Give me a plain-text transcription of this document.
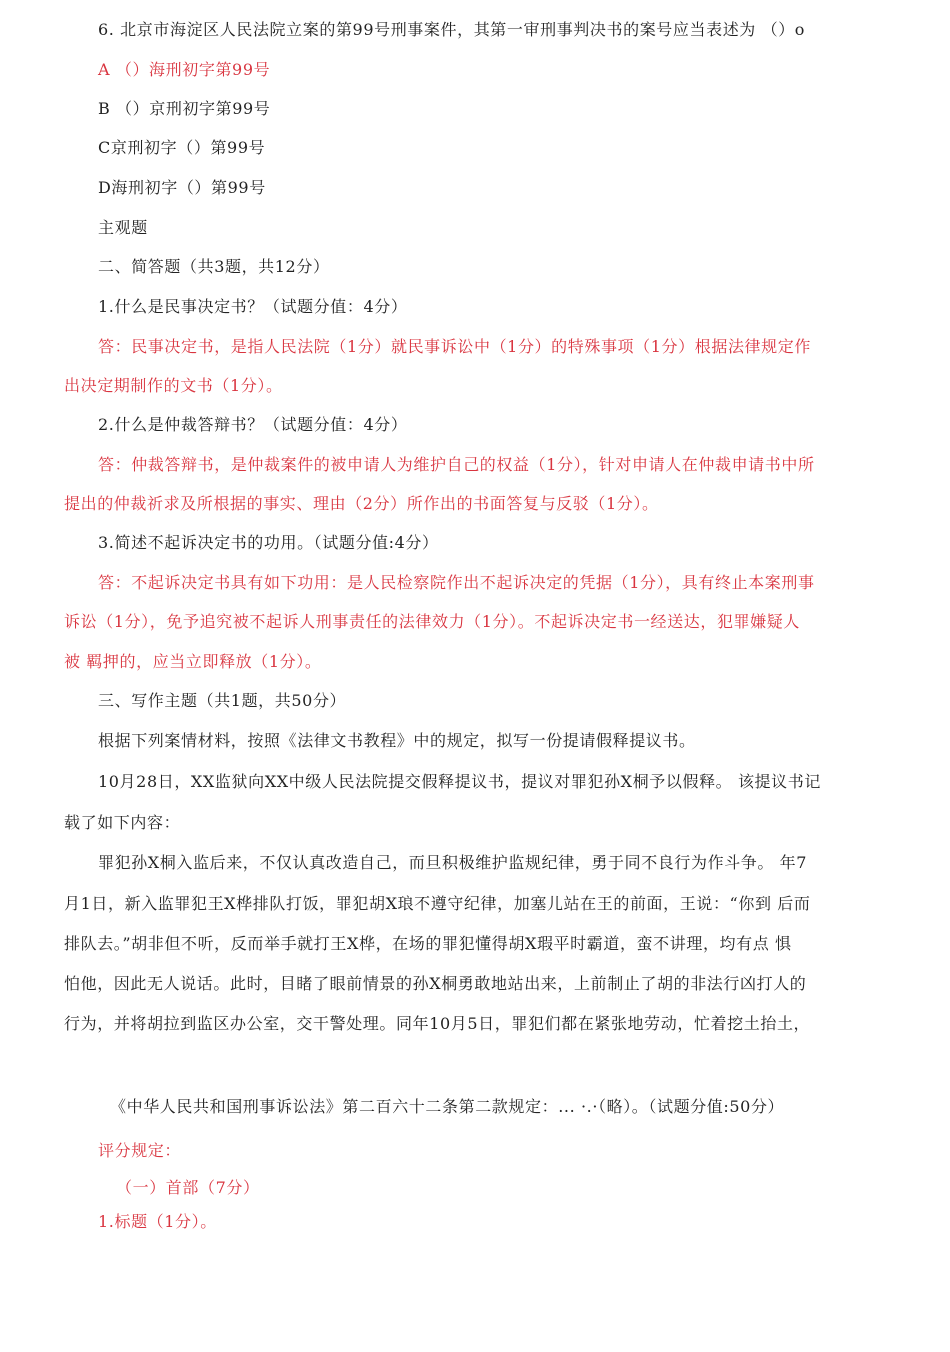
6. 北京市海淀区人民法院立案的第99号刑事案件，其第一审刑事判决书的案号应当表述为 （）o
A （）海刑初字第99号
B （）京刑初字第99号
C京刑初字（）第99号
D海刑初字（）第99号
主观题
二、简答题（共3题，共12分）
1.什么是民事决定书？（试题分值：4分）
答：民事决定书，是指人民法院（1分）就民事诉讼中（1分）的特殊事项（1分）根据法律规定作
出决定期制作的文书（1分）。
2.什么是仲裁答辩书？（试题分值：4分）
答：仲裁答辩书，是仲裁案件的被申请人为维护自己的权益（1分），针对申请人在仲裁申请书中所
提出的仲裁祈求及所根据的事实、理由（2分）所作出的书面答复与反驳（1分）。
3.简述不起诉决定书的功用。（试题分值:4分）
答：不起诉决定书具有如下功用：是人民检察院作出不起诉决定的凭据（1分），具有终止本案刑事
诉讼（1分），免予追究被不起诉人刑事责任的法律效力（1分）。不起诉决定书一经送达，犯罪嫌疑人
被 羁押的，应当立即释放（1分）。
三、写作主题（共1题，共50分）
根据下列案情材料，按照《法律文书教程》中的规定，拟写一份提请假释提议书。
10月28日，XX监狱向XX中级人民法院提交假释提议书，提议对罪犯孙X桐予以假释。 该提议书记
载了如下内容：
罪犯孙X桐入监后来，不仅认真改造自己，而旦积极维护监规纪律，勇于同不良行为作斗争。 年7
月1日，新入监罪犯王X桦排队打饭，罪犯胡X琅不遵守纪律，加塞儿站在王的前面，王说：“你到 后而
排队去。”胡非但不听，反而举手就打王X桦，在场的罪犯懂得胡X瑕平时霸道，蛮不讲理，均有点 惧
怕他，因此无人说话。此时，目睹了眼前情景的孙X桐勇敢地站出来，上前制止了胡的非法行凶打人的
行为，并将胡拉到监区办公室，交干警处理。同年10月5日，罪犯们都在紧张地劳动，忙着挖土抬土，
《中华人民共和国刑事诉讼法》第二百六十二条第二款规定：... ·.·（略）。（试题分值:50分）
评分规定：
（一）首部（7分）
1.标题（1分）。
